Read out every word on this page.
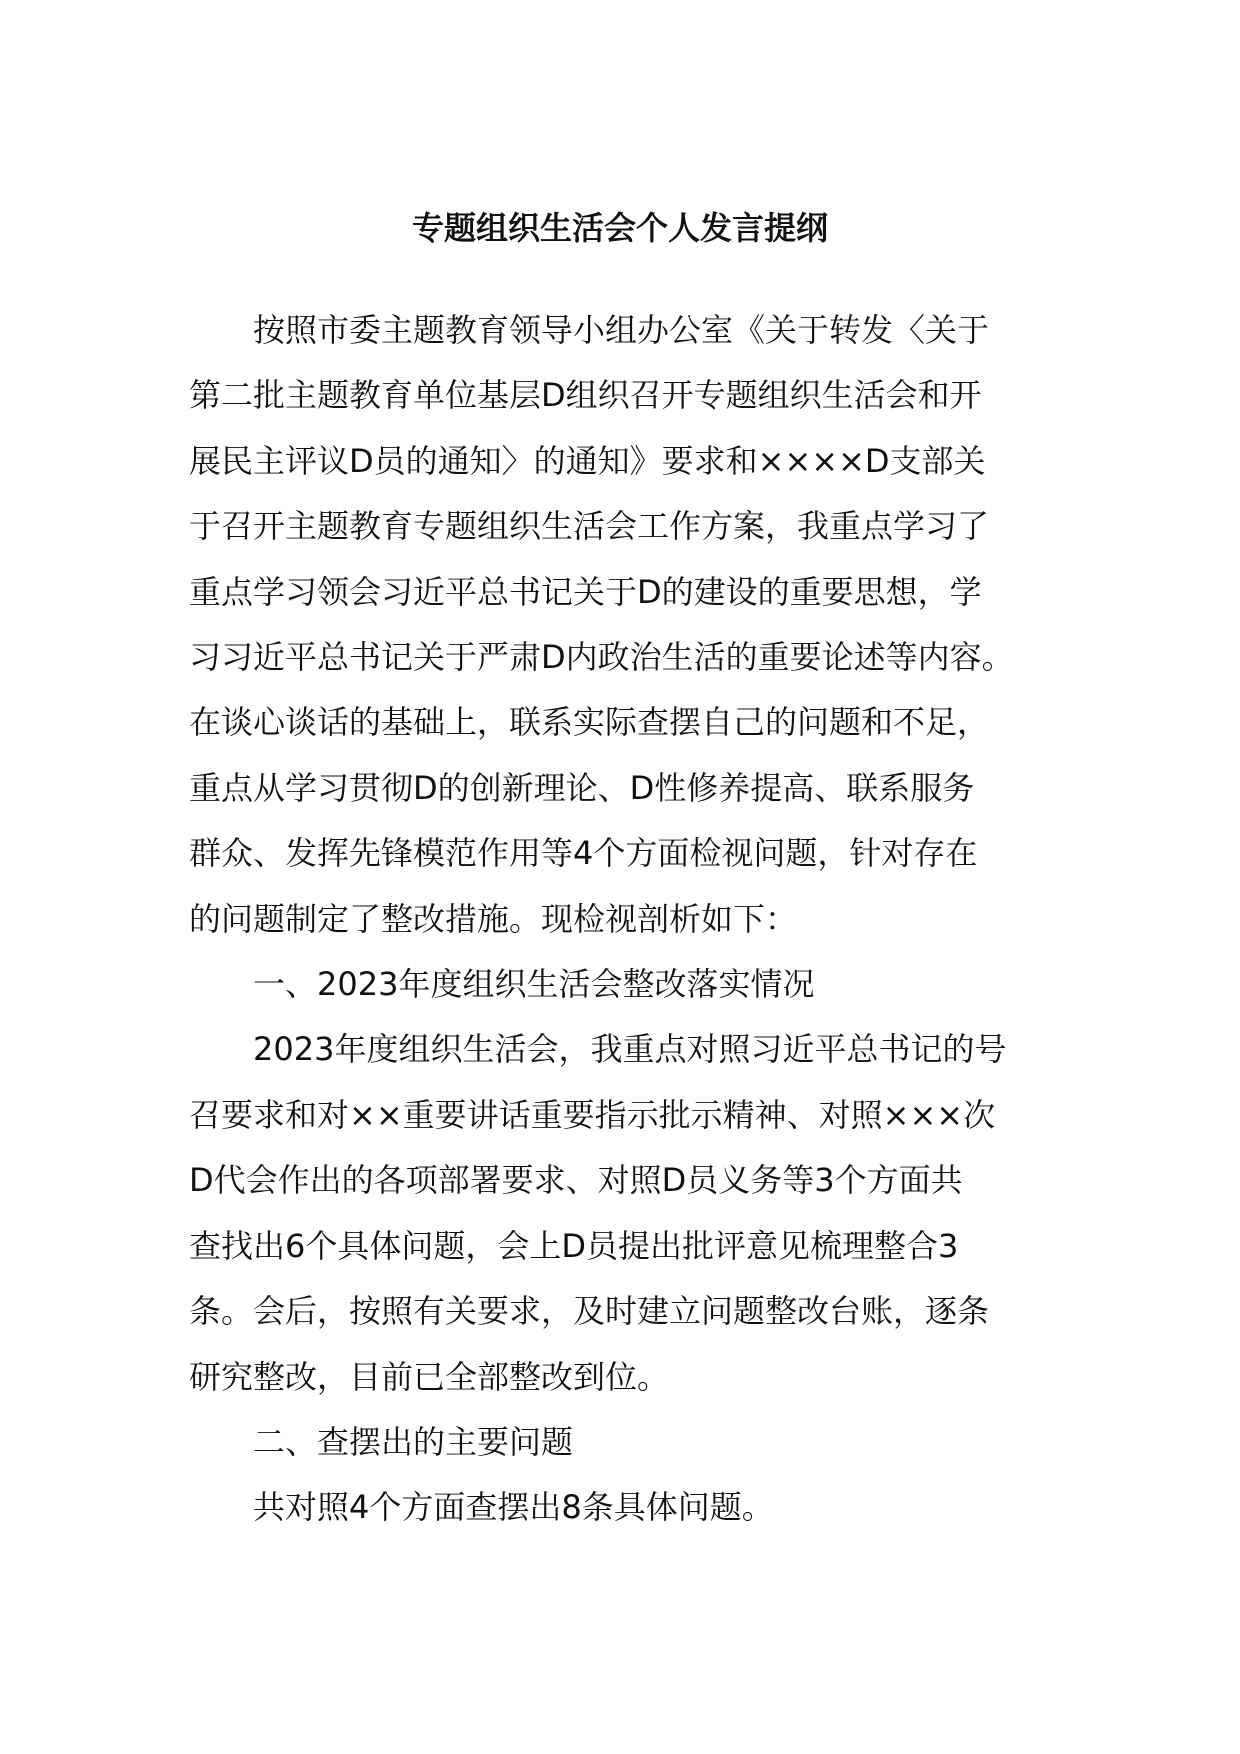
专题组织生活会个人发言提纲
按照市委主题教育领导小组办公室《关于转发〈关于
第二批主题教育单位基层D组织召开专题组织生活会和开
展民主评议D员的通知〉的通知》要求和××××D支部关
于召开主题教育专题组织生活会工作方案，我重点学习了
重点学习领会习近平总书记关于D的建设的重要思想，学
习习近平总书记关于严肃D内政治生活的重要论述等内容。
在谈心谈话的基础上，联系实际查摆自己的问题和不足，
重点从学习贯彻D的创新理论、D性修养提高、联系服务
群众、发挥先锋模范作用等4个方面检视问题，针对存在
的问题制定了整改措施。现检视剖析如下：

一、2023年度组织生活会整改落实情况

2023年度组织生活会，我重点对照习近平总书记的号
召要求和对××重要讲话重要指示批示精神、对照×××次
D代会作出的各项部署要求、对照D员义务等3个方面共
查找出6个具体问题，会上D员提出批评意见梳理整合3
条。会后，按照有关要求，及时建立问题整改台账，逐条
研究整改，目前已全部整改到位。

二、查摆出的主要问题

共对照4个方面查摆出8条具体问题。
